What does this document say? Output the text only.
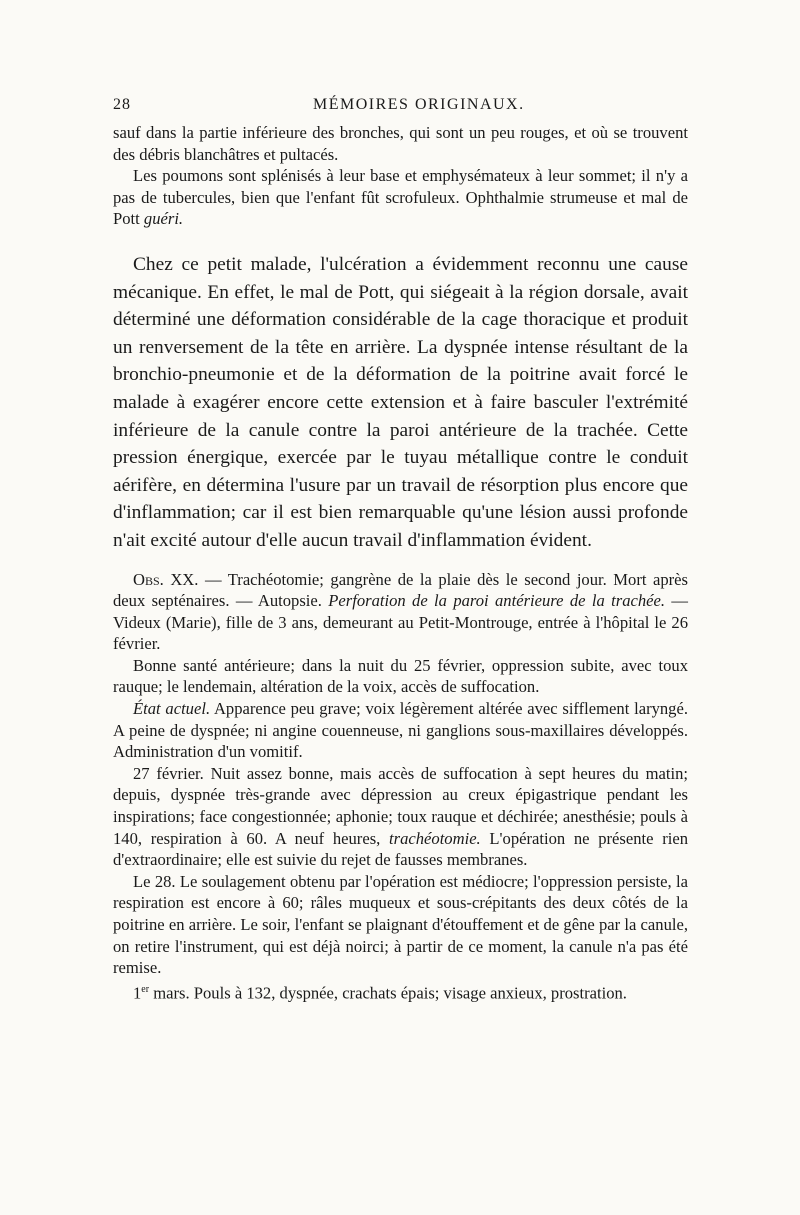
28	MÉMOIRES ORIGINAUX.

sauf dans la partie inférieure des bronches, qui sont un peu rouges, et où se trouvent des débris blanchâtres et pultacés.

Les poumons sont splénisés à leur base et emphysémateux à leur sommet; il n'y a pas de tubercules, bien que l'enfant fût scrofuleux. Ophthalmie strumeuse et mal de Pott guéri.

Chez ce petit malade, l'ulcération a évidemment reconnu une cause mécanique. En effet, le mal de Pott, qui siégeait à la région dorsale, avait déterminé une déformation considérable de la cage thoracique et produit un renversement de la tête en arrière. La dyspnée intense résultant de la bronchio-pneumonie et de la déformation de la poitrine avait forcé le malade à exagérer encore cette extension et à faire basculer l'extrémité inférieure de la canule contre la paroi antérieure de la trachée. Cette pression énergique, exercée par le tuyau métallique contre le conduit aérifère, en détermina l'usure par un travail de résorption plus encore que d'inflammation; car il est bien remarquable qu'une lésion aussi profonde n'ait excité autour d'elle aucun travail d'inflammation évident.

Obs. XX. — Trachéotomie; gangrène de la plaie dès le second jour. Mort après deux septénaires. — Autopsie. Perforation de la paroi antérieure de la trachée. — Videux (Marie), fille de 3 ans, demeurant au Petit-Montrouge, entrée à l'hôpital le 26 février.

Bonne santé antérieure; dans la nuit du 25 février, oppression subite, avec toux rauque; le lendemain, altération de la voix, accès de suffocation.

État actuel. Apparence peu grave; voix légèrement altérée avec sifflement laryngé. A peine de dyspnée; ni angine couenneuse, ni ganglions sous-maxillaires développés. Administration d'un vomitif.

27 février. Nuit assez bonne, mais accès de suffocation à sept heures du matin; depuis, dyspnée très-grande avec dépression au creux épigastrique pendant les inspirations; face congestionnée; aphonie; toux rauque et déchirée; anesthésie; pouls à 140, respiration à 60. A neuf heures, trachéotomie. L'opération ne présente rien d'extraordinaire; elle est suivie du rejet de fausses membranes.

Le 28. Le soulagement obtenu par l'opération est médiocre; l'oppression persiste, la respiration est encore à 60; râles muqueux et sous-crépitants des deux côtés de la poitrine en arrière. Le soir, l'enfant se plaignant d'étouffement et de gêne par la canule, on retire l'instrument, qui est déjà noirci; à partir de ce moment, la canule n'a pas été remise.

1er mars. Pouls à 132, dyspnée, crachats épais; visage anxieux, prostration.
